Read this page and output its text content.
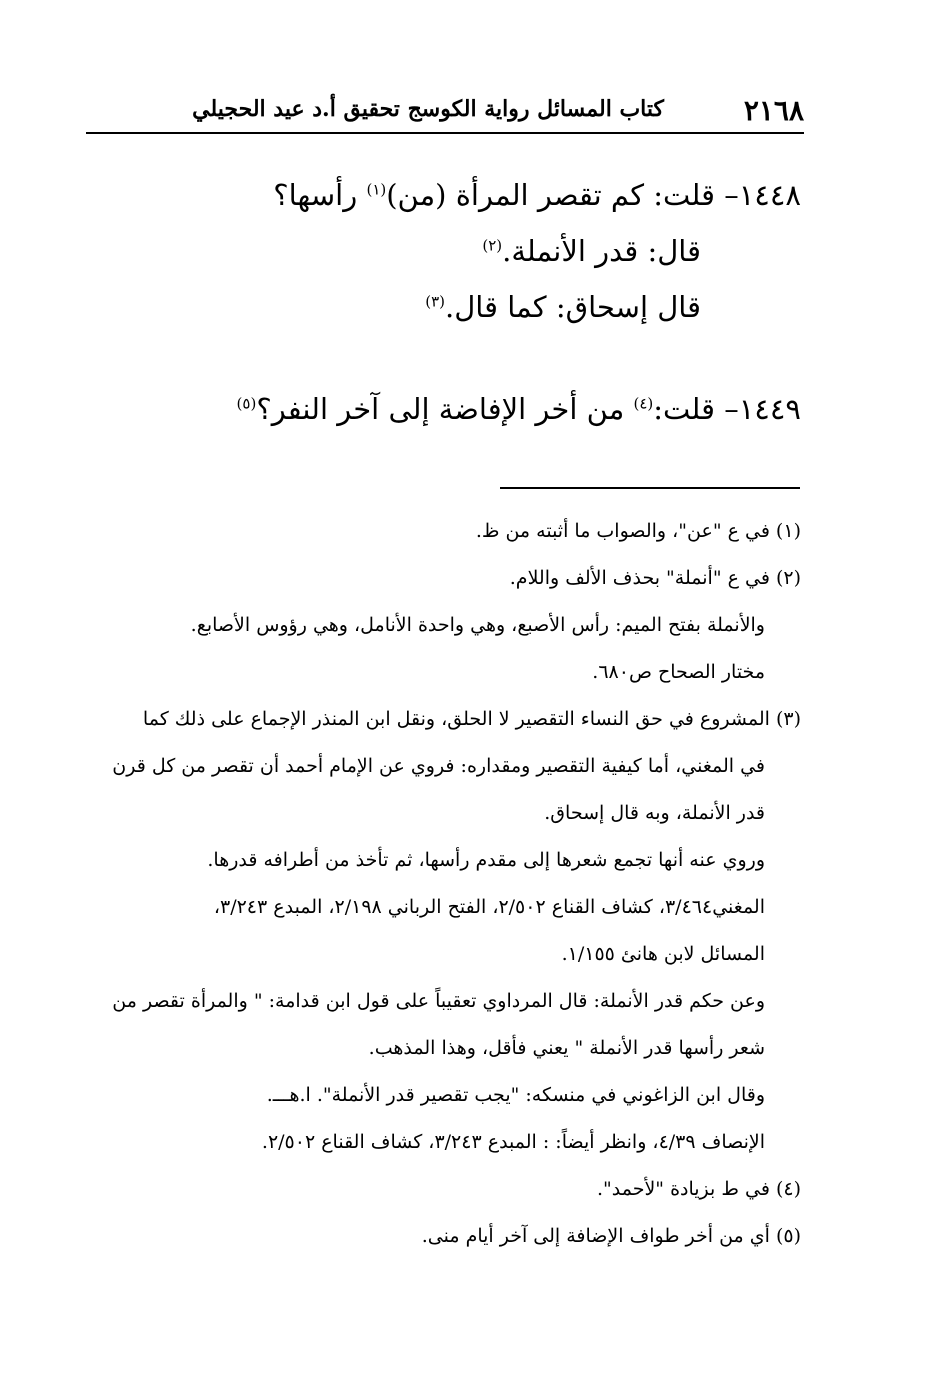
٢١٦٨
كتاب المسائل رواية الكوسج تحقيق أ.د عيد الحجيلي
١٤٤٨– قلت: كم تقصر المرأة (من)$^{(١)}$ رأسها؟
قال: قدر الأنملة.$^{(٢)}$
قال إسحاق: كما قال.$^{(٣)}$
١٤٤٩– قلت:$^{(٤)}$ من أخر الإفاضة إلى آخر النفر؟$^{(٥)}$
(١) في ع "عن"، والصواب ما أثبته من ظ.
(٢) في ع "أنملة" بحذف الألف واللام.
والأنملة بفتح الميم: رأس الأصبع، وهي واحدة الأنامل، وهي رؤوس الأصابع.
مختار الصحاح ص٦٨٠.
(٣) المشروع في حق النساء التقصير لا الحلق، ونقل ابن المنذر الإجماع على ذلك كما
في المغني، أما كيفية التقصير ومقداره: فروي عن الإمام أحمد أن تقصر من كل قرن
قدر الأنملة، وبه قال إسحاق.
وروي عنه أنها تجمع شعرها إلى مقدم رأسها، ثم تأخذ من أطرافه قدرها.
المغني٣/٤٦٤، كشاف القناع ٢/٥٠٢، الفتح الرباني ٢/١٩٨، المبدع ٣/٢٤٣،
المسائل لابن هانئ ١/١٥٥.
وعن حكم قدر الأنملة: قال المرداوي تعقيباً على قول ابن قدامة: " والمرأة تقصر من
شعر رأسها قدر الأنملة " يعني فأقل، وهذا المذهب.
وقال ابن الزاغوني في منسكه: "يجب تقصير قدر الأنملة". ا.هـــ.
الإنصاف ٤/٣٩، وانظر أيضاً: : المبدع ٣/٢٤٣، كشاف القناع ٢/٥٠٢.
(٤) في ط بزيادة "لأحمد".
(٥) أي من أخر طواف الإضافة إلى آخر أيام منى.
